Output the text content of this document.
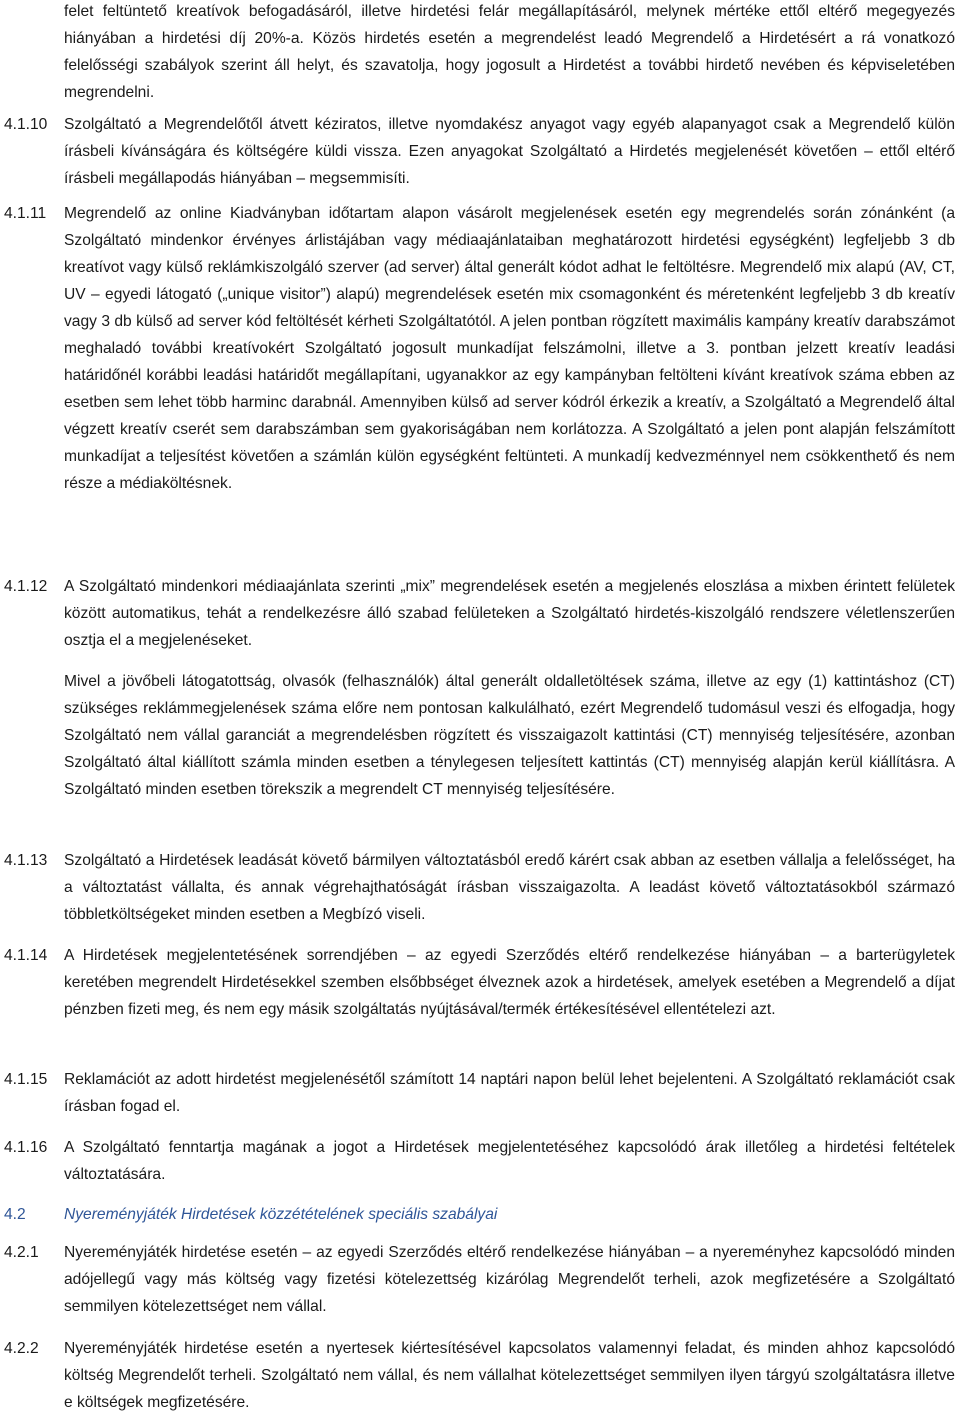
felet feltüntető kreatívok befogadásáról, illetve hirdetési felár megállapításáról, melynek mértéke ettől eltérő megegyezés hiányában a hirdetési díj 20%-a. Közös hirdetés esetén a megrendelést leadó Megrendelő a Hirdetésért a rá vonatkozó felelősségi szabályok szerint áll helyt, és szavatolja, hogy jogosult a Hirdetést a további hirdető nevében és képviseletében megrendelni.

4.1.10	Szolgáltató a Megrendelőtől átvett kéziratos, illetve nyomdakész anyagot vagy egyéb alapanyagot csak a Megrendelő külön írásbeli kívánságára és költségére küldi vissza. Ezen anyagokat Szolgáltató a Hirdetés megjelenését követően – ettől eltérő írásbeli megállapodás hiányában – megsemmisíti.

4.1.11	Megrendelő az online Kiadványban időtartam alapon vásárolt megjelenések esetén egy megrendelés során zónánként (a Szolgáltató mindenkor érvényes árlistájában vagy médiaajánlataiban meghatározott hirdetési egységként) legfeljebb 3 db kreatívot vagy külső reklámkiszolgáló szerver (ad server) által generált kódot adhat le feltöltésre. Megrendelő mix alapú (AV, CT, UV – egyedi látogató („unique visitor”) alapú) megrendelések esetén mix csomagonként és méretenként legfeljebb 3 db kreatív vagy 3 db külső ad server kód feltöltését kérheti Szolgáltatótól. A jelen pontban rögzített maximális kampány kreatív darabszámot meghaladó további kreatívokért Szolgáltató jogosult munkadíjat felszámolni, illetve a 3. pontban jelzett kreatív leadási határidőnél korábbi leadási határidőt megállapítani, ugyanakkor az egy kampányban feltölteni kívánt kreatívok száma ebben az esetben sem lehet több harminc darabnál. Amennyiben külső ad server kódról érkezik a kreatív, a Szolgáltató a Megrendelő által végzett kreatív cserét sem darabszámban sem gyakoriságában nem korlátozza. A Szolgáltató a jelen pont alapján felszámított munkadíjat a teljesítést követően a számlán külön egységként feltünteti. A munkadíj kedvezménnyel nem csökkenthető és nem része a médiaköltésnek.

4.1.12	A Szolgáltató mindenkori médiaajánlata szerinti „mix” megrendelések esetén a megjelenés eloszlása a mixben érintett felületek között automatikus, tehát a rendelkezésre álló szabad felületeken a Szolgáltató hirdetés-kiszolgáló rendszere véletlenszerűen osztja el a megjelenéseket.

Mivel a jövőbeli látogatottság, olvasók (felhasználók) által generált oldalletöltések száma, illetve az egy (1) kattintáshoz (CT) szükséges reklámmegjelenések száma előre nem pontosan kalkulálható, ezért Megrendelő tudomásul veszi és elfogadja, hogy Szolgáltató nem vállal garanciát a megrendelésben rögzített és visszaigazolt kattintási (CT) mennyiség teljesítésére, azonban Szolgáltató által kiállított számla minden esetben a ténylegesen teljesített kattintás (CT) mennyiség alapján kerül kiállításra. A Szolgáltató minden esetben törekszik a megrendelt CT mennyiség teljesítésére.

4.1.13	Szolgáltató a Hirdetések leadását követő bármilyen változtatásból eredő kárért csak abban az esetben vállalja a felelősséget, ha a változtatást vállalta, és annak végrehajthatóságát írásban visszaigazolta. A leadást követő változtatásokból származó többletköltségeket minden esetben a Megbízó viseli.

4.1.14	A Hirdetések megjelentetésének sorrendjében – az egyedi Szerződés eltérő rendelkezése hiányában – a barterügyletek keretében megrendelt Hirdetésekkel szemben elsőbbséget élveznek azok a hirdetések, amelyek esetében a Megrendelő a díjat pénzben fizeti meg, és nem egy másik szolgáltatás nyújtásával/termék értékesítésével ellentételezi azt.

4.1.15	Reklamációt az adott hirdetést megjelenésétől számított 14 naptári napon belül lehet bejelenteni. A Szolgáltató reklamációt csak írásban fogad el.

4.1.16	A Szolgáltató fenntartja magának a jogot a Hirdetések megjelentetéséhez kapcsolódó árak illetőleg a hirdetési feltételek változtatására.

4.2	Nyereményjáték Hirdetések közzétételének speciális szabályai

4.2.1	Nyereményjáték hirdetése esetén – az egyedi Szerződés eltérő rendelkezése hiányában – a nyereményhez kapcsolódó minden adójellegű vagy más költség vagy fizetési kötelezettség kizárólag Megrendelőt terheli, azok megfizetésére a Szolgáltató semmilyen kötelezettséget nem vállal.

4.2.2	Nyereményjáték hirdetése esetén a nyertesek kiértesítésével kapcsolatos valamennyi feladat, és minden ahhoz kapcsolódó költség Megrendelőt terheli. Szolgáltató nem vállal, és nem vállalhat kötelezettséget semmilyen ilyen tárgyú szolgáltatásra illetve e költségek megfizetésére.
